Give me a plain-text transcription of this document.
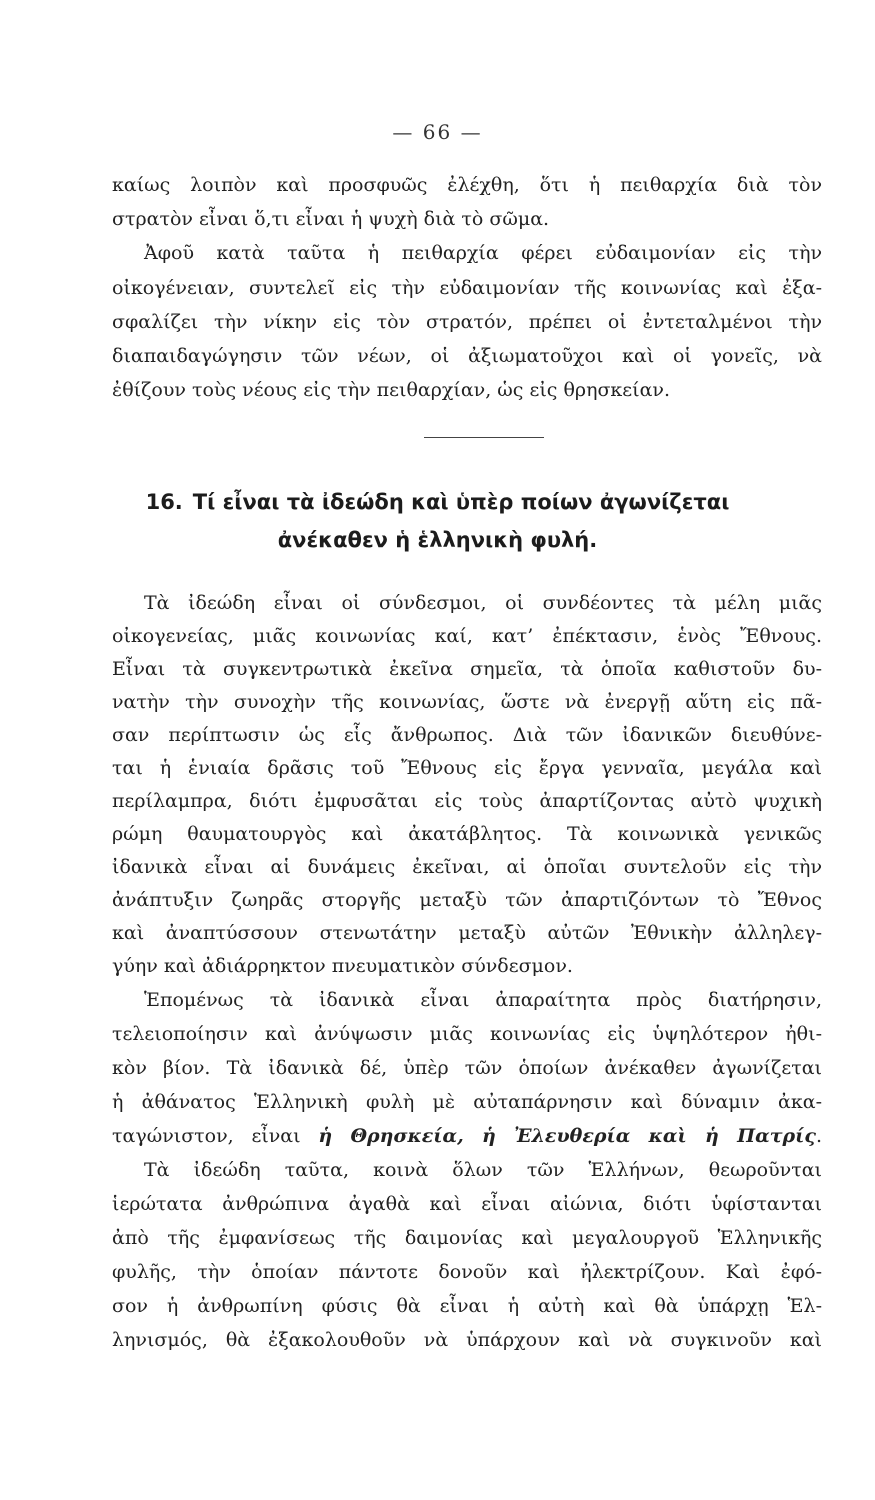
— 66 —
καίως λοιπὸν καὶ προσφυῶς ἐλέχθη, ὅτι ἡ πειθαρχία διὰ τὸν
στρατὸν εἶναι ὅ,τι εἶναι ἡ ψυχὴ διὰ τὸ σῶμα.
Ἀφοῦ κατὰ ταῦτα ἡ πειθαρχία φέρει εὐδαιμονίαν εἰς τὴν
οἰκογένειαν, συντελεῖ εἰς τὴν εὐδαιμονίαν τῆς κοινωνίας καὶ ἐξα-
σφαλίζει τὴν νίκην εἰς τὸν στρατόν, πρέπει οἱ ἐντεταλμένοι τὴν
διαπαιδαγώγησιν τῶν νέων, οἱ ἀξιωματοῦχοι καὶ οἱ γονεῖς, νὰ
ἐθίζουν τοὺς νέους εἰς τὴν πειθαρχίαν, ὡς εἰς θρησκείαν.
16. Τί εἶναι τὰ ἰδεώδη καὶ ὑπὲρ ποίων ἀγωνίζεται
ἀνέκαθεν ἡ ἑλληνικὴ φυλή.
Τὰ ἰδεώδη εἶναι οἱ σύνδεσμοι, οἱ συνδέοντες τὰ μέλη μιᾶς
οἰκογενείας, μιᾶς κοινωνίας καί, κατ’ ἐπέκτασιν, ἑνὸς Ἔθνους.
Εἶναι τὰ συγκεντρωτικὰ ἐκεῖνα σημεῖα, τὰ ὁποῖα καθιστοῦν δυ-
νατὴν τὴν συνοχὴν τῆς κοινωνίας, ὥστε νὰ ἐνεργῇ αὕτη εἰς πᾶ-
σαν περίπτωσιν ὡς εἷς ἄνθρωπος. Διὰ τῶν ἰδανικῶν διευθύνε-
ται ἡ ἑνιαία δρᾶσις τοῦ Ἔθνους εἰς ἔργα γενναῖα, μεγάλα καὶ
περίλαμπρα, διότι ἐμφυσᾶται εἰς τοὺς ἀπαρτίζοντας αὐτὸ ψυχικὴ
ρώμη θαυματουργὸς καὶ ἀκατάβλητος. Τὰ κοινωνικὰ γενικῶς
ἰδανικὰ εἶναι αἱ δυνάμεις ἐκεῖναι, αἱ ὁποῖαι συντελοῦν εἰς τὴν
ἀνάπτυξιν ζωηρᾶς στοργῆς μεταξὺ τῶν ἀπαρτιζόντων τὸ Ἔθνος
καὶ ἀναπτύσσουν στενωτάτην μεταξὺ αὐτῶν Ἐθνικὴν ἀλληλεγ-
γύην καὶ ἀδιάρρηκτον πνευματικὸν σύνδεσμον.
Ἑπομένως τὰ ἰδανικὰ εἶναι ἀπαραίτητα πρὸς διατήρησιν,
τελειοποίησιν καὶ ἀνύψωσιν μιᾶς κοινωνίας εἰς ὑψηλότερον ἠθι-
κὸν βίον. Τὰ ἰδανικὰ δέ, ὑπὲρ τῶν ὁποίων ἀνέκαθεν ἀγωνίζεται
ἡ ἀθάνατος Ἑλληνικὴ φυλὴ μὲ αὐταπάρνησιν καὶ δύναμιν ἀκα-
ταγώνιστον, εἶναι ἡ Θρησκεία, ἡ Ἐλευθερία καὶ ἡ Πατρίς.
Τὰ ἰδεώδη ταῦτα, κοινὰ ὅλων τῶν Ἑλλήνων, θεωροῦνται
ἱερώτατα ἀνθρώπινα ἀγαθὰ καὶ εἶναι αἰώνια, διότι ὑφίστανται
ἀπὸ τῆς ἐμφανίσεως τῆς δαιμονίας καὶ μεγαλουργοῦ Ἑλληνικῆς
φυλῆς, τὴν ὁποίαν πάντοτε δονοῦν καὶ ἠλεκτρίζουν. Καὶ ἐφό-
σον ἡ ἀνθρωπίνη φύσις θὰ εἶναι ἡ αὐτὴ καὶ θὰ ὑπάρχῃ Ἑλ-
ληνισμός, θὰ ἐξακολουθοῦν νὰ ὑπάρχουν καὶ νὰ συγκινοῦν καὶ
